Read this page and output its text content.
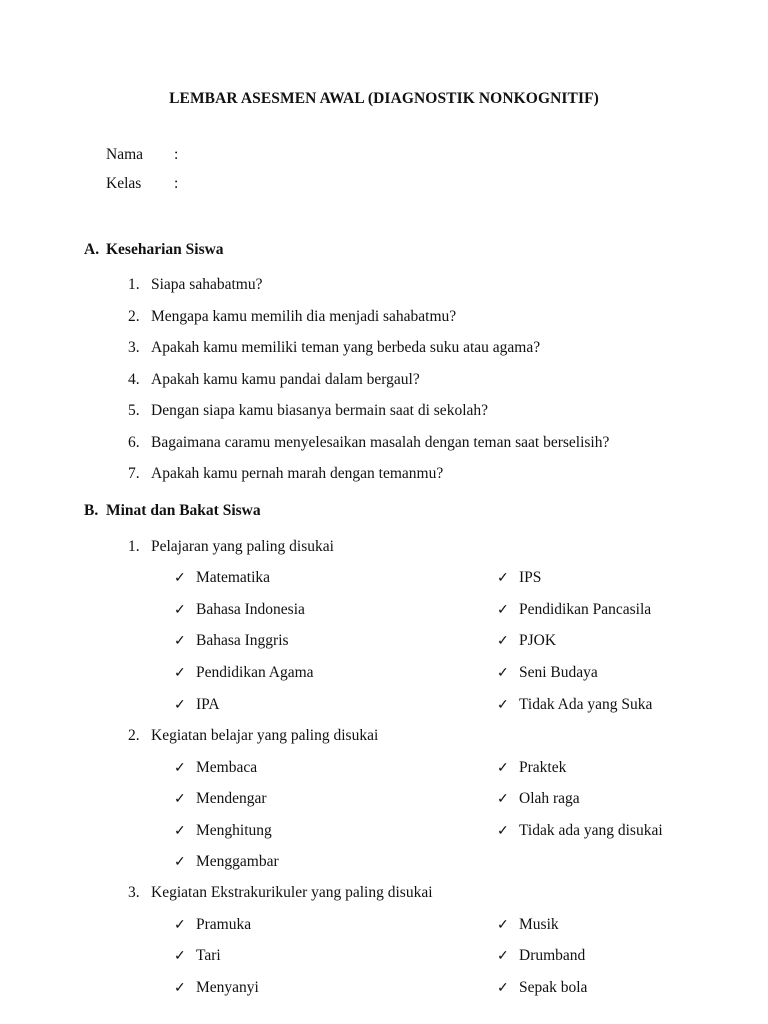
LEMBAR ASESMEN AWAL (DIAGNOSTIK NONKOGNITIF)
Nama :
Kelas :
A. Keseharian Siswa
1. Siapa sahabatmu?
2. Mengapa kamu memilih dia menjadi sahabatmu?
3. Apakah kamu memiliki teman yang berbeda suku atau agama?
4. Apakah kamu kamu pandai dalam bergaul?
5. Dengan siapa kamu biasanya bermain saat di sekolah?
6. Bagaimana caramu menyelesaikan masalah dengan teman saat berselisih?
7. Apakah kamu pernah marah dengan temanmu?
B. Minat dan Bakat Siswa
1. Pelajaran yang paling disukai
✓ Matematika
✓ Bahasa Indonesia
✓ Bahasa Inggris
✓ Pendidikan Agama
✓ IPA
✓ IPS
✓ Pendidikan Pancasila
✓ PJOK
✓ Seni Budaya
✓ Tidak Ada yang Suka
2. Kegiatan belajar yang paling disukai
✓ Membaca
✓ Mendengar
✓ Menghitung
✓ Menggambar
✓ Praktek
✓ Olah raga
✓ Tidak ada yang disukai
3. Kegiatan Ekstrakurikuler yang paling disukai
✓ Pramuka
✓ Tari
✓ Menyanyi
✓ Musik
✓ Drumband
✓ Sepak bola
